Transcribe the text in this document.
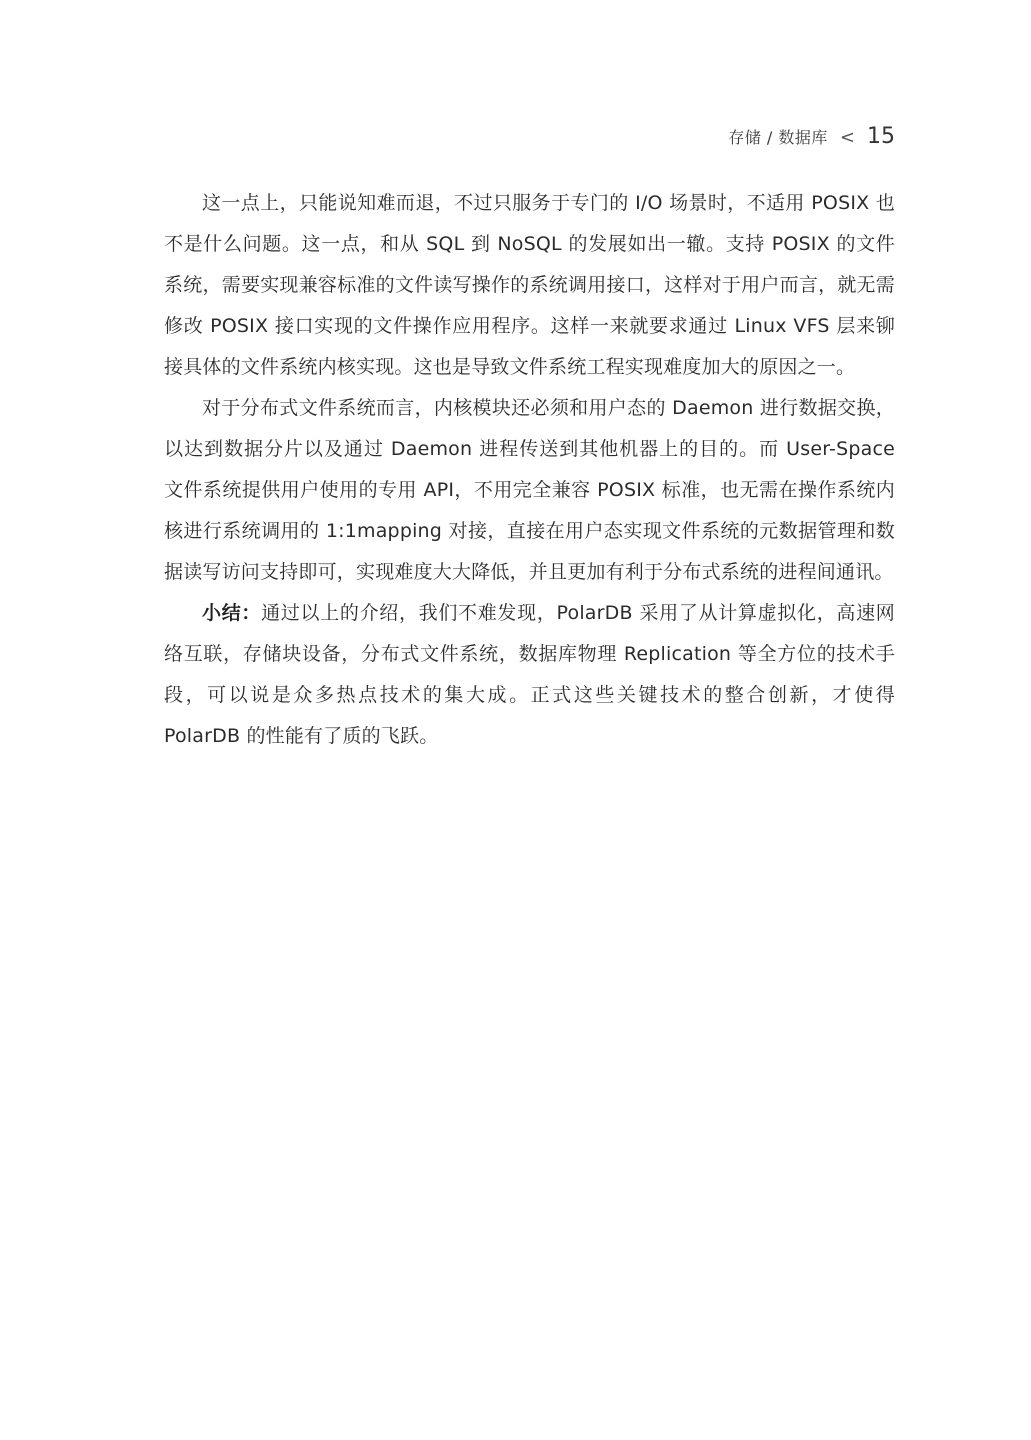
存储 / 数据库 < 15

这一点上，只能说知难而退，不过只服务于专门的 I/O 场景时，不适用 POSIX 也不是什么问题。这一点，和从 SQL 到 NoSQL 的发展如出一辙。支持 POSIX 的文件系统，需要实现兼容标准的文件读写操作的系统调用接口，这样对于用户而言，就无需修改 POSIX 接口实现的文件操作应用程序。这样一来就要求通过 Linux VFS 层来铆接具体的文件系统内核实现。这也是导致文件系统工程实现难度加大的原因之一。

对于分布式文件系统而言，内核模块还必须和用户态的 Daemon 进行数据交换，以达到数据分片以及通过 Daemon 进程传送到其他机器上的目的。而 User-Space 文件系统提供用户使用的专用 API，不用完全兼容 POSIX 标准，也无需在操作系统内核进行系统调用的 1:1mapping 对接，直接在用户态实现文件系统的元数据管理和数据读写访问支持即可，实现难度大大降低，并且更加有利于分布式系统的进程间通讯。

小结：通过以上的介绍，我们不难发现，PolarDB 采用了从计算虚拟化，高速网络互联，存储块设备，分布式文件系统，数据库物理 Replication 等全方位的技术手段，可以说是众多热点技术的集大成。正式这些关键技术的整合创新，才使得 PolarDB 的性能有了质的飞跃。
